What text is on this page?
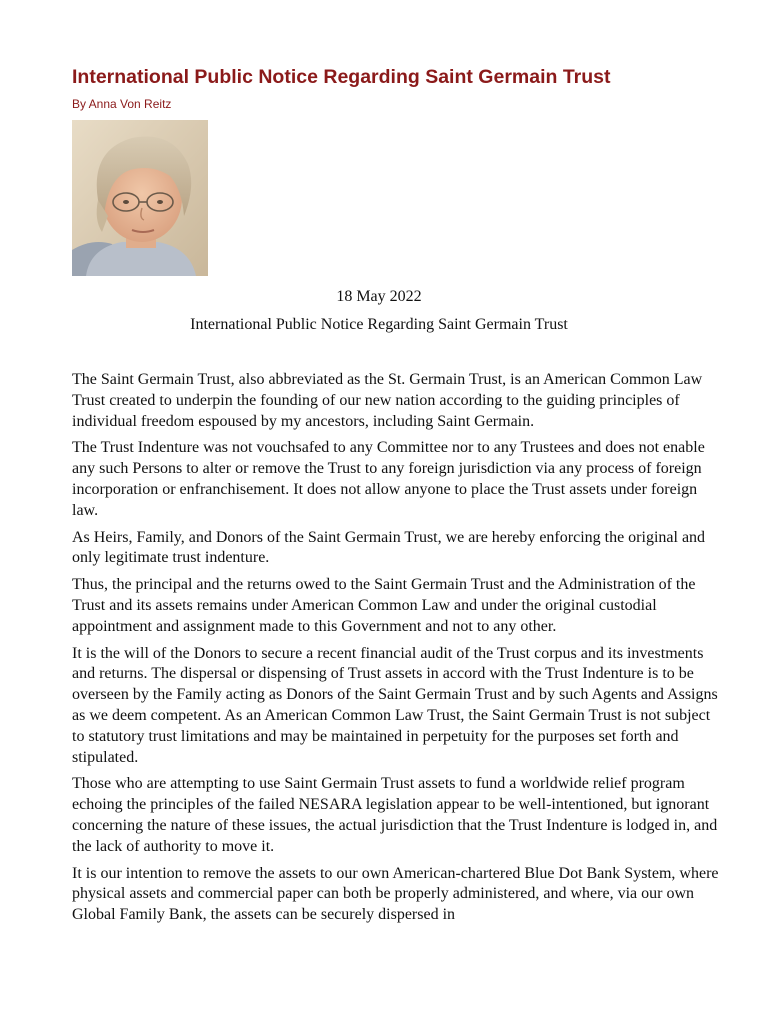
International Public Notice Regarding Saint Germain Trust
By Anna Von Reitz
18 May 2022
International Public Notice Regarding Saint Germain Trust

The Saint Germain Trust, also abbreviated as the St. Germain Trust, is an American Common Law Trust created to underpin the founding of our new nation according to the guiding principles of individual freedom espoused by my ancestors, including Saint Germain.

The Trust Indenture was not vouchsafed to any Committee nor to any Trustees and does not enable any such Persons to alter or remove the Trust to any foreign jurisdiction via any process of foreign incorporation or enfranchisement. It does not allow anyone to place the Trust assets under foreign law.

As Heirs, Family, and Donors of the Saint Germain Trust, we are hereby enforcing the original and only legitimate trust indenture.

Thus, the principal and the returns owed to the Saint Germain Trust and the Administration of the Trust and its assets remains under American Common Law and under the original custodial appointment and assignment made to this Government and not to any other.

It is the will of the Donors to secure a recent financial audit of the Trust corpus and its investments and returns. The dispersal or dispensing of Trust assets in accord with the Trust Indenture is to be overseen by the Family acting as Donors of the Saint Germain Trust and by such Agents and Assigns as we deem competent. As an American Common Law Trust, the Saint Germain Trust is not subject to statutory trust limitations and may be maintained in perpetuity for the purposes set forth and stipulated.

Those who are attempting to use Saint Germain Trust assets to fund a worldwide relief program echoing the principles of the failed NESARA legislation appear to be well-intentioned, but ignorant concerning the nature of these issues, the actual jurisdiction that the Trust Indenture is lodged in, and the lack of authority to move it.

It is our intention to remove the assets to our own American-chartered Blue Dot Bank System, where physical assets and commercial paper can both be properly administered, and where, via our own Global Family Bank, the assets can be securely dispersed in
